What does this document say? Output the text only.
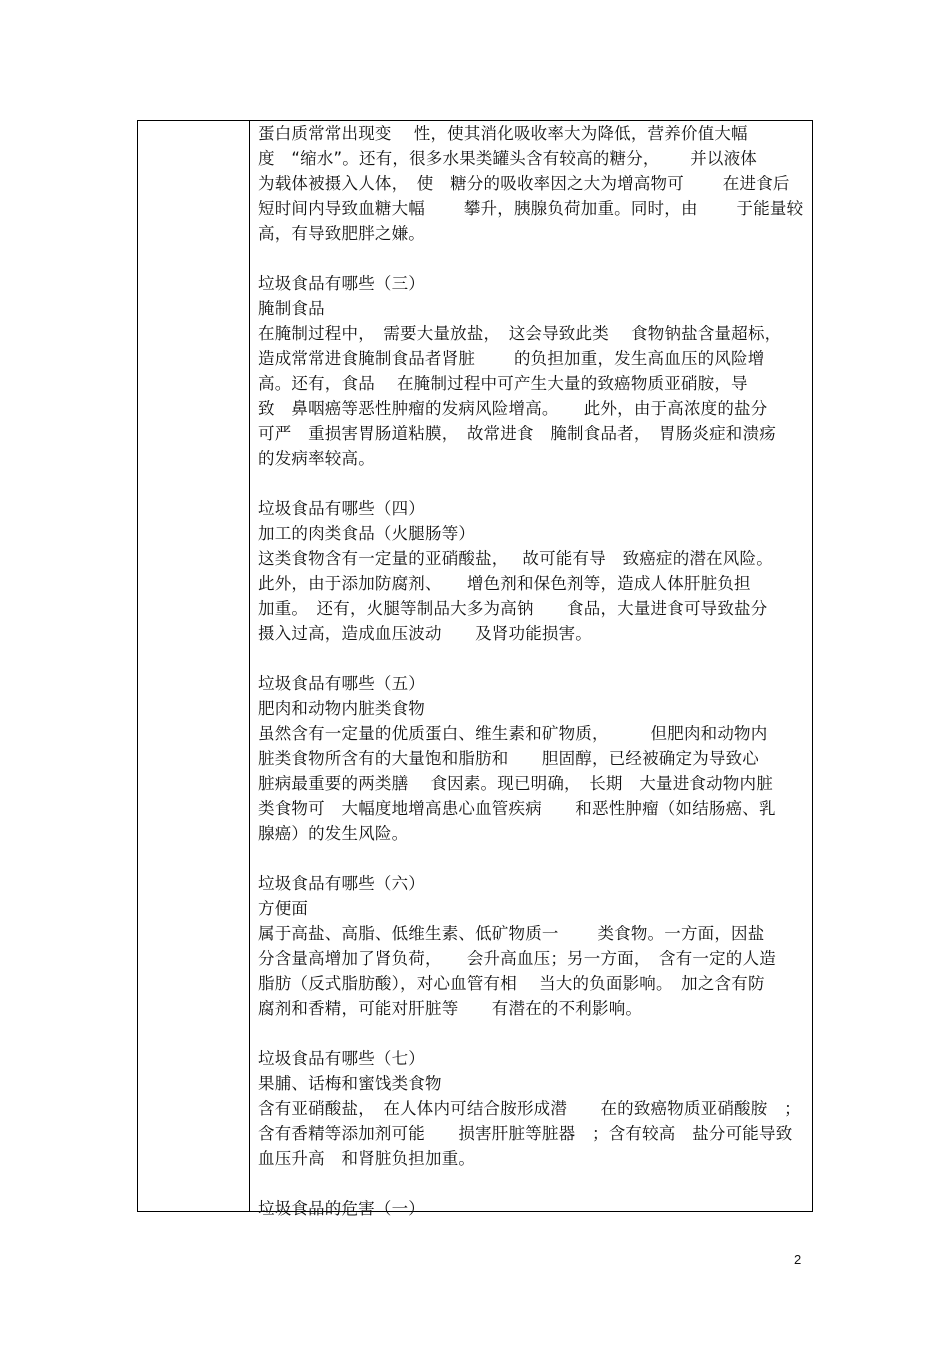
蛋白质常常出现变　 性，使其消化吸收率大为降低，营养价值大幅
度　“缩水”。还有，很多水果类罐头含有较高的糖分，　　 并以液体
为载体被摄入人体，　使　糖分的吸收率因之大为增高物可　　 在进食后
短时间内导致血糖大幅　　 攀升，胰腺负荷加重。同时，由　　 于能量较
高，有导致肥胖之嫌。
垃圾食品有哪些（三）
腌制食品
在腌制过程中，　需要大量放盐，　这会导致此类　 食物钠盐含量超标，
造成常常进食腌制食品者肾脏　　 的负担加重，发生高血压的风险增
高。还有，食品　 在腌制过程中可产生大量的致癌物质亚硝胺，导
致　鼻咽癌等恶性肿瘤的发病风险增高。　　此外，由于高浓度的盐分
可严　重损害胃肠道粘膜，　故常进食　腌制食品者，　胃肠炎症和溃疡
的发病率较高。
垃圾食品有哪些（四）
加工的肉类食品（火腿肠等）
这类食物含有一定量的亚硝酸盐，　 故可能有导　致癌症的潜在风险。
此外，由于添加防腐剂、　　增色剂和保色剂等，造成人体肝脏负担
加重。　还有，火腿等制品大多为高钠　　食品，大量进食可导致盐分
摄入过高，造成血压波动　　及肾功能损害。
垃圾食品有哪些（五）
肥肉和动物内脏类食物
虽然含有一定量的优质蛋白、维生素和矿物质，　　　但肥肉和动物内
脏类食物所含有的大量饱和脂肪和　　胆固醇，已经被确定为导致心
脏病最重要的两类膳　 食因素。现已明确，　长期　大量进食动物内脏
类食物可　大幅度地增高患心血管疾病　　和恶性肿瘤（如结肠癌、乳
腺癌）的发生风险。
垃圾食品有哪些（六）
方便面
属于高盐、高脂、低维生素、低矿物质一　　 类食物。一方面，因盐
分含量高增加了肾负荷，　　会升高血压；另一方面，　含有一定的人造
脂肪（反式脂肪酸），对心血管有相　 当大的负面影响。　加之含有防
腐剂和香精，可能对肝脏等　　有潜在的不利影响。
垃圾食品有哪些（七）
果脯、话梅和蜜饯类食物
含有亚硝酸盐，　在人体内可结合胺形成潜　　在的致癌物质亚硝酸胺　；
含有香精等添加剂可能　　损害肝脏等脏器　；含有较高　盐分可能导致
血压升高　和肾脏负担加重。
垃圾食品的危害（一）
2
